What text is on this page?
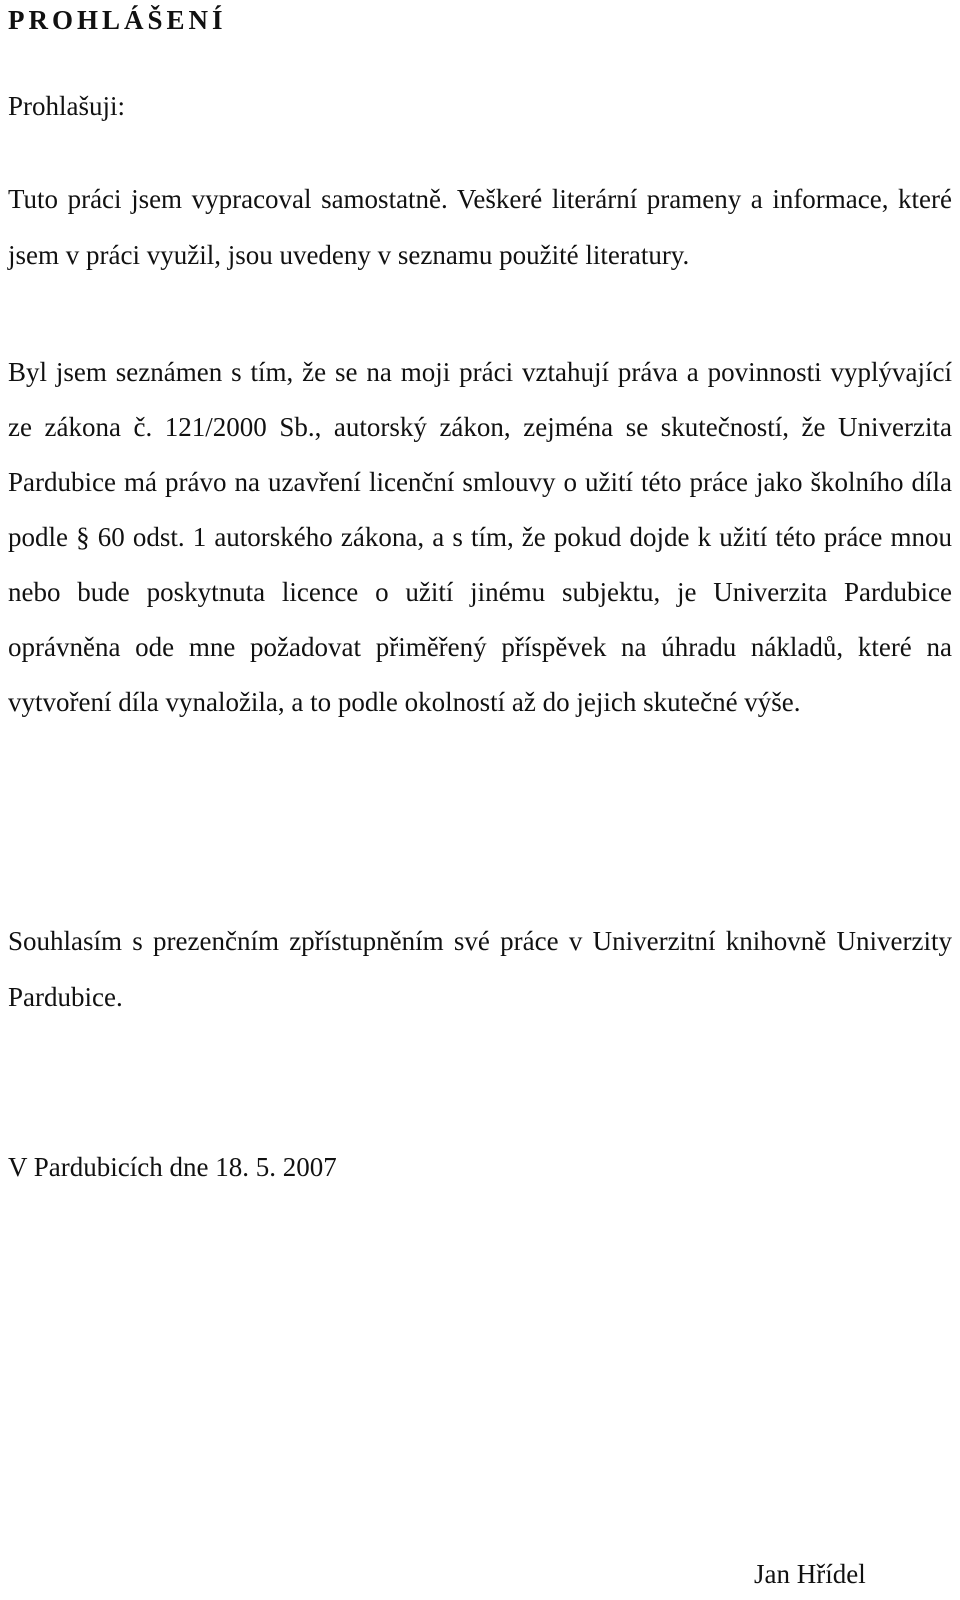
PROHLÁŠENÍ

Prohlašuji:

Tuto práci jsem vypracoval samostatně. Veškeré literární prameny a informace, které jsem v práci využil, jsou uvedeny v seznamu použité literatury.

Byl jsem seznámen s tím, že se na moji práci vztahují práva a povinnosti vyplývající ze zákona č. 121/2000 Sb., autorský zákon, zejména se skutečností, že Univerzita Pardubice má právo na uzavření licenční smlouvy o užití této práce jako školního díla podle § 60 odst. 1 autorského zákona, a s tím, že pokud dojde k užití této práce mnou nebo bude poskytnuta licence o užití jinému subjektu, je Univerzita Pardubice oprávněna ode mne požadovat přiměřený příspěvek na úhradu nákladů, které na vytvoření díla vynaložila, a to podle okolností až do jejich skutečné výše.

Souhlasím s prezenčním zpřístupněním své práce v Univerzitní knihovně Univerzity Pardubice.

V Pardubicích dne 18. 5. 2007

Jan Hřídel
